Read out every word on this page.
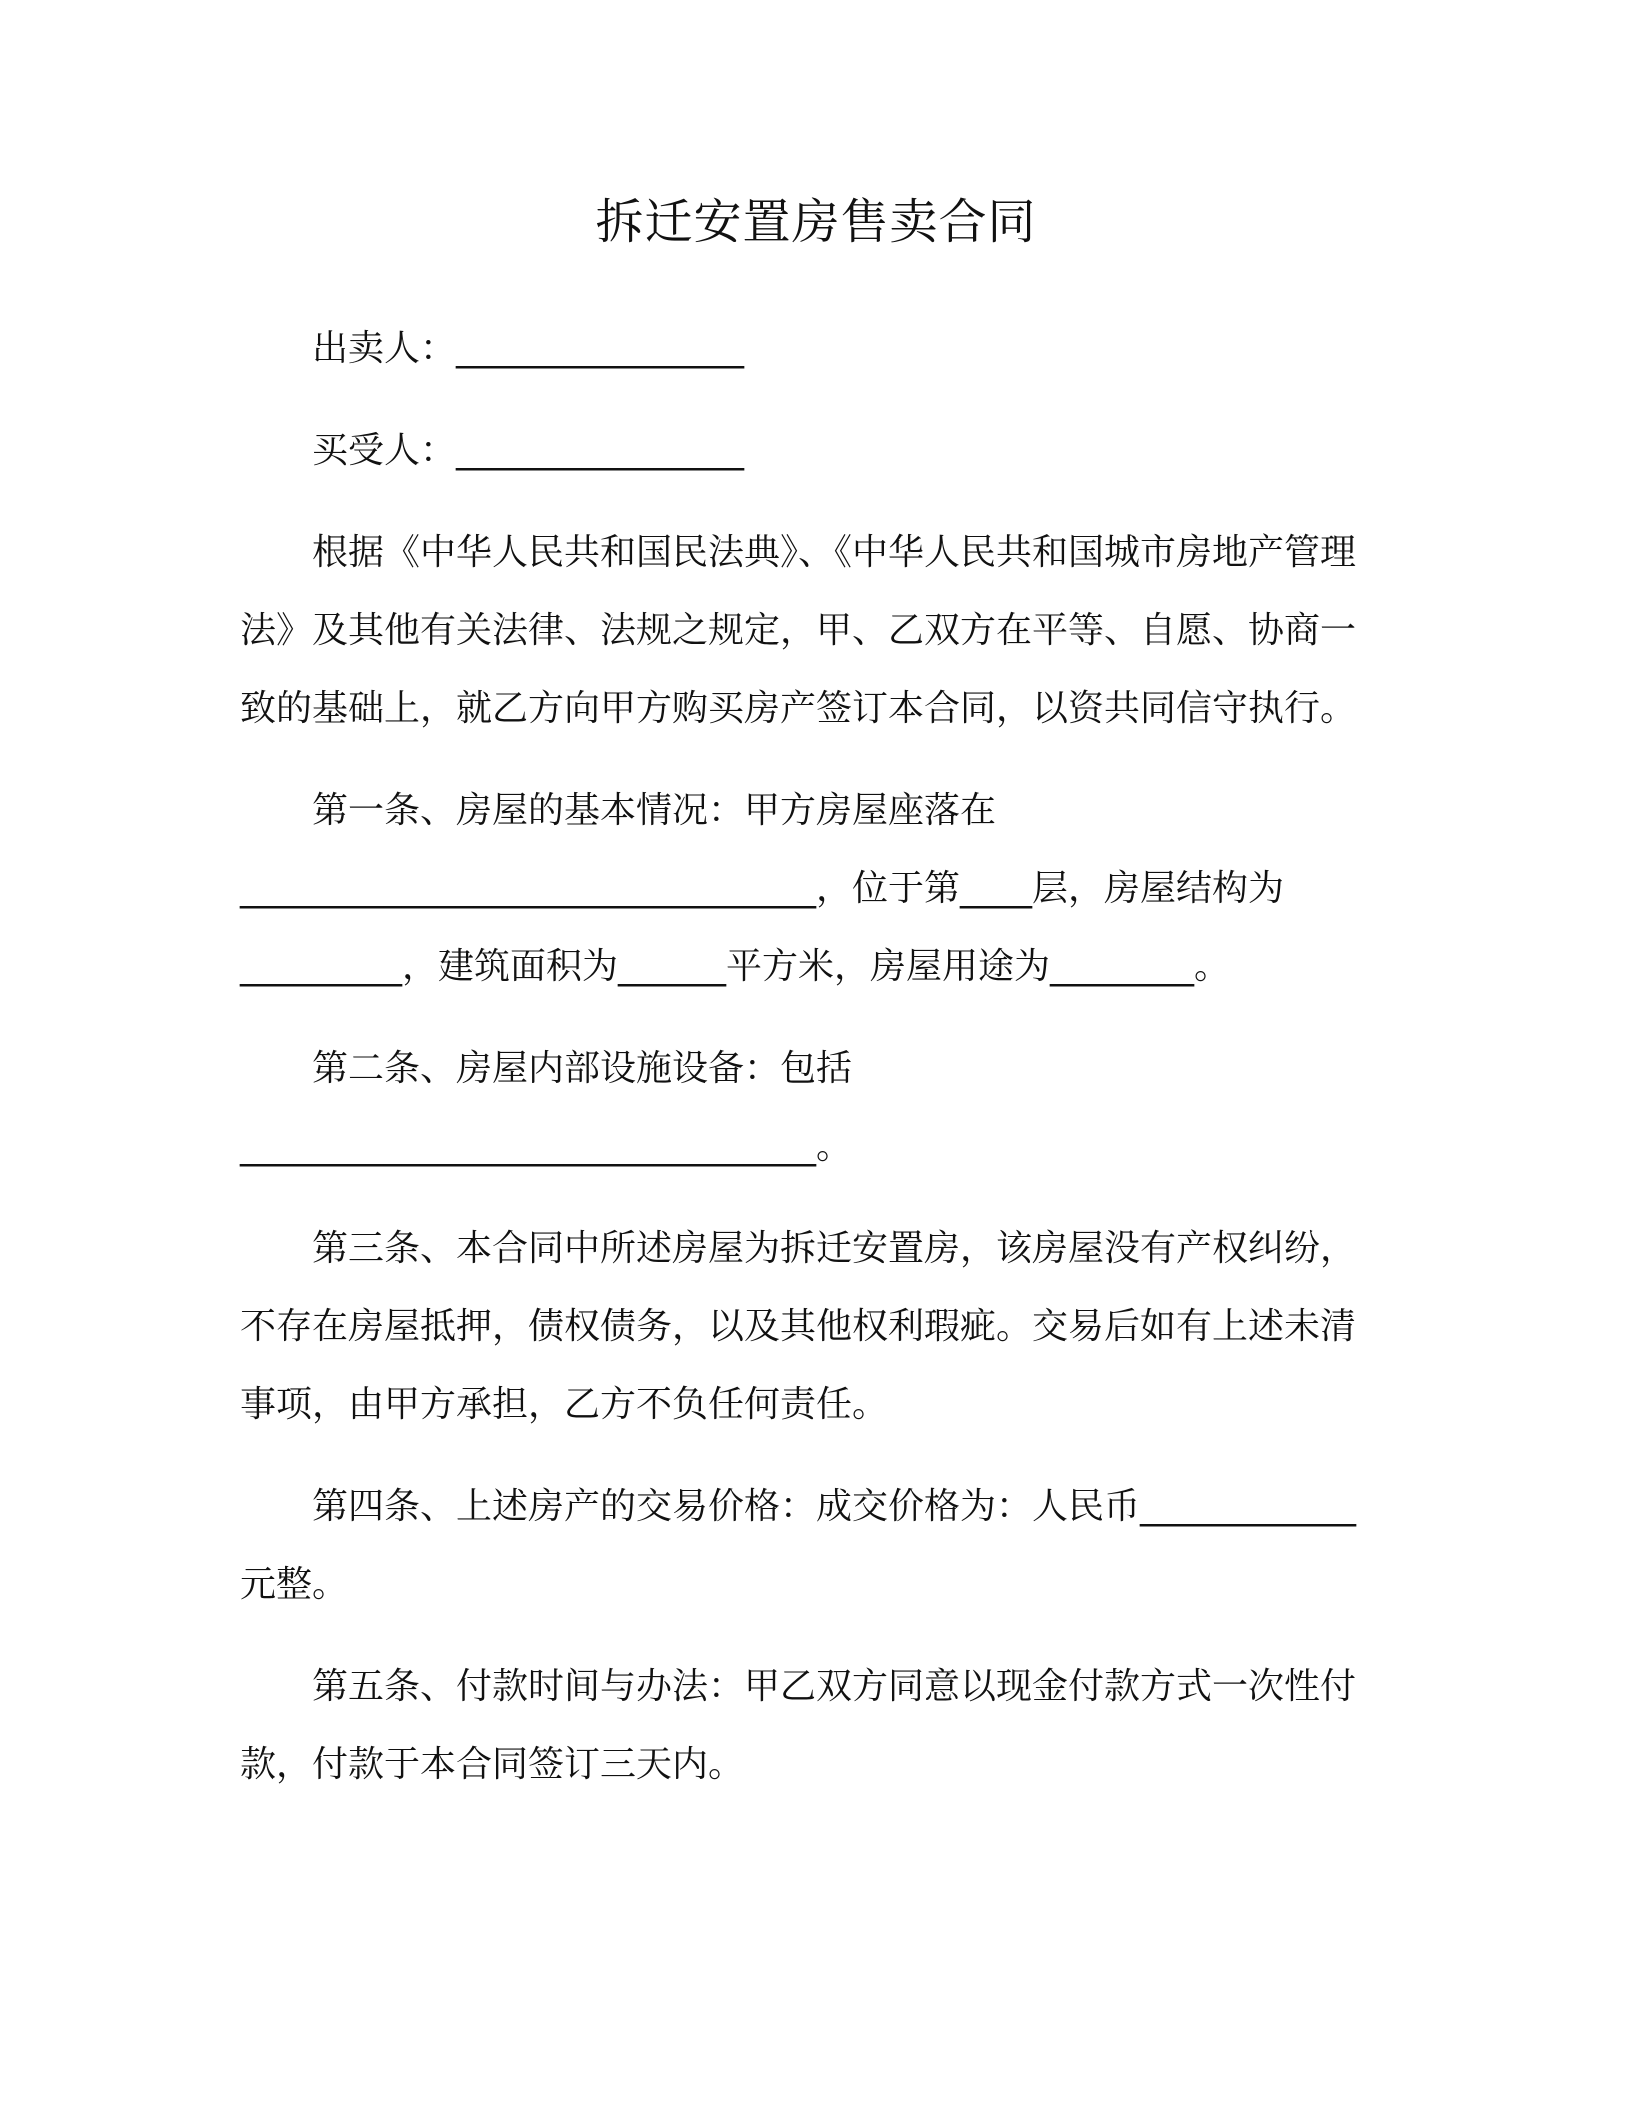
拆迁安置房售卖合同

出卖人：________________

买受人：________________

根据《中华人民共和国民法典》、《中华人民共和国城市房地产管理法》及其他有关法律、法规之规定，甲、乙双方在平等、自愿、协商一致的基础上，就乙方向甲方购买房产签订本合同，以资共同信守执行。

第一条、房屋的基本情况：甲方房屋座落在________________________________，位于第____层，房屋结构为_________，建筑面积为______平方米，房屋用途为________。

第二条、房屋内部设施设备：包括________________________________。

第三条、本合同中所述房屋为拆迁安置房，该房屋没有产权纠纷，不存在房屋抵押，债权债务，以及其他权利瑕疵。交易后如有上述未清事项，由甲方承担，乙方不负任何责任。

第四条、上述房产的交易价格：成交价格为：人民币____________元整。

第五条、付款时间与办法：甲乙双方同意以现金付款方式一次性付款，付款于本合同签订三天内。
